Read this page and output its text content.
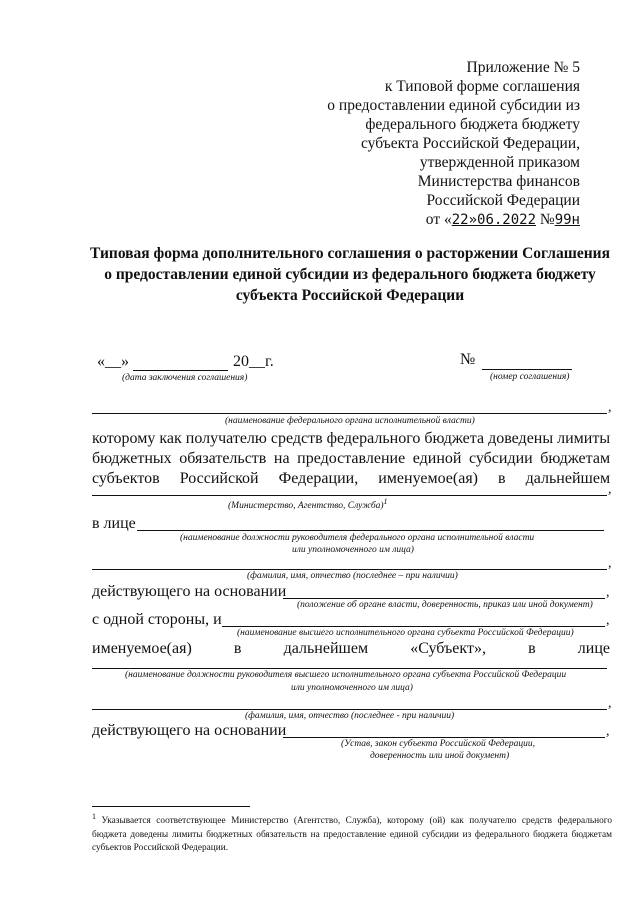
Приложение № 5
к Типовой форме соглашения
о предоставлении единой субсидии из
федерального бюджета бюджету
субъекта Российской Федерации,
утвержденной приказом
Министерства финансов
Российской Федерации
от «22»06.2022 №99н
Типовая форма дополнительного соглашения о расторжении Соглашения
о предоставлении единой субсидии из федерального бюджета бюджету
субъекта Российской Федерации
«__»	20__г.
(дата заключения соглашения)
№
(номер соглашения)
,
(наименование федерального органа исполнительной власти)
которому как получателю средств федерального бюджета доведены лимиты
бюджетных обязательств на предоставление единой субсидии бюджетам
субъектов Российской Федерации, именуемое(ая) в дальнейшем
,
(Министерство, Агентство, Служба)$^1$
в лице
(наименование должности руководителя федерального органа исполнительной власти
или уполномоченного им лица)
,
(фамилия, имя, отчество (последнее – при наличии)
действующего на основании	,
(положение об органе власти, доверенность, приказ или иной документ)
с одной стороны, и	,
(наименование высшего исполнительного органа субъекта Российской Федерации)
именуемое(ая)	в	дальнейшем	«Субъект»,	в	лице
(наименование должности руководителя высшего исполнительного органа субъекта Российской Федерации
или уполномоченного им лица)
,
(фамилия, имя, отчество (последнее - при наличии)
действующего на основании	,
(Устав, закон субъекта Российской Федерации,
доверенность или иной документ)
$^1$ Указывается соответствующее Министерство (Агентство, Служба), которому (ой) как получателю средств федерального бюджета доведены лимиты бюджетных обязательств на предоставление единой субсидии из федерального бюджета бюджетам субъектов Российской Федерации.
